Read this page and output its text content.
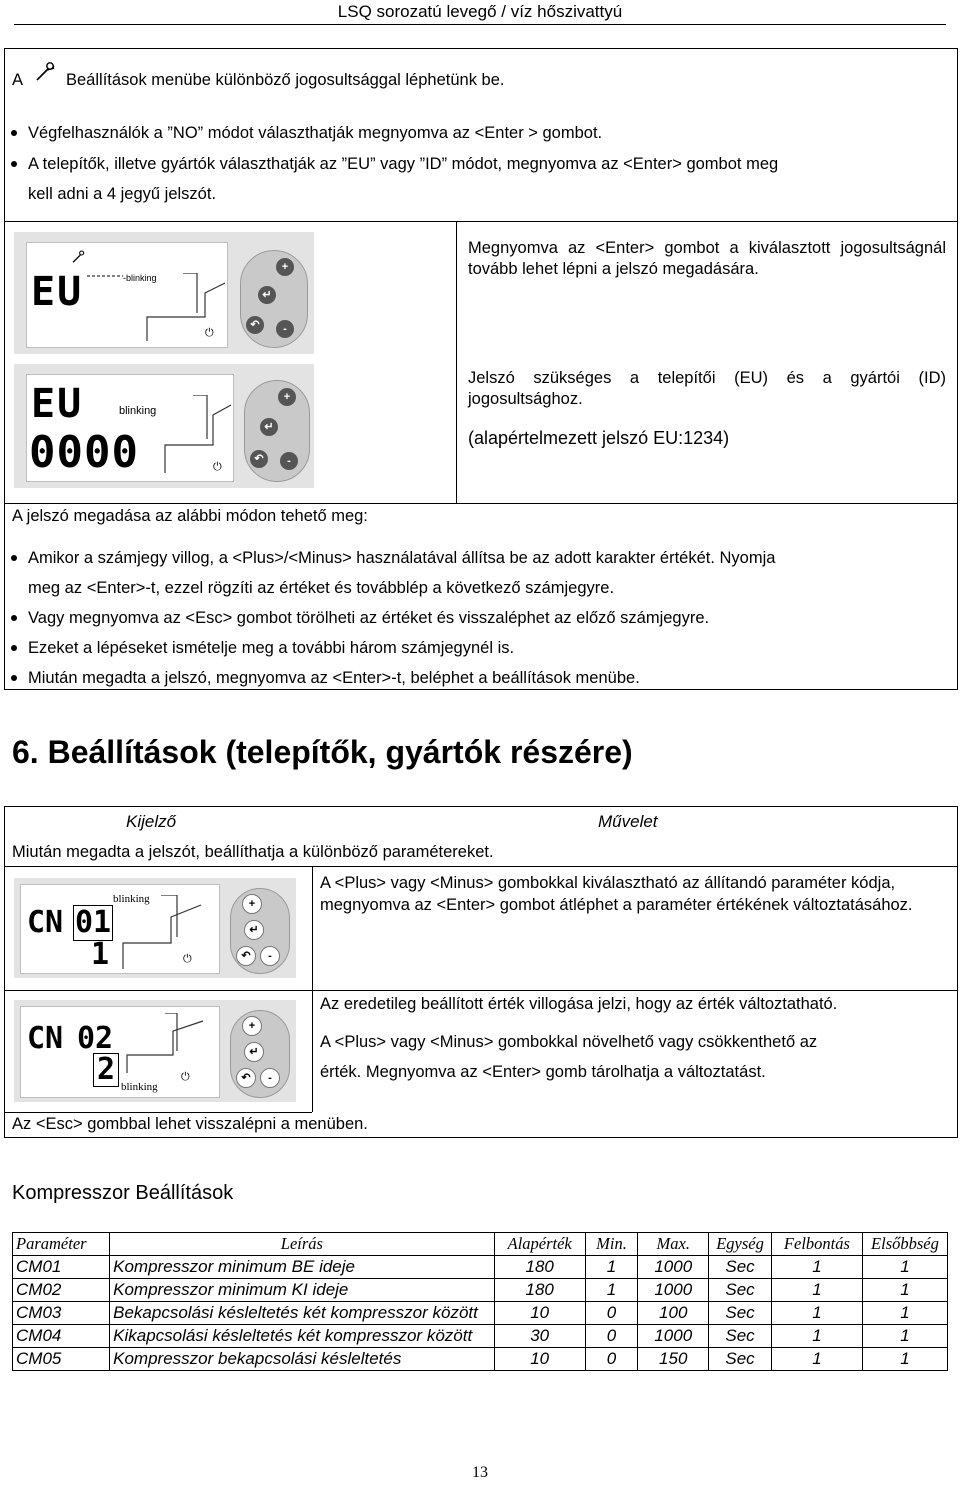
LSQ sorozatú levegő / víz hőszivattyú
A	Beállítások menübe különböző jogosultsággal léphetünk be.
Végfelhasználók a ”NO” módot választhatják megnyomva az <Enter > gombot.
A telepítők, illetve gyártók választhatják az ”EU” vagy ”ID” módot, megnyomva az <Enter> gombot meg
kell adni a 4 jegyű jelszót.
EU	-blinking
⏻
+
↵
↶	-
Megnyomva az <Enter> gombot a kiválasztott jogosultságnál tovább lehet lépni a jelszó megadására.
EU	blinking
0000	⏻
+
↵
↶	-
Jelszó szükséges a telepítői (EU) és a gyártói (ID) jogosultsághoz.
(alapértelmezett jelszó EU:1234)
A jelszó megadása az alábbi módon tehető meg:
Amikor a számjegy villog, a <Plus>/<Minus> használatával állítsa be az adott karakter értékét. Nyomja
meg az <Enter>-t, ezzel rögzíti az értéket és továbblép a következő számjegyre.
Vagy megnyomva az <Esc> gombot törölheti az értéket és visszaléphet az előző számjegyre.
Ezeket a lépéseket ismételje meg a további három számjegynél is.
Miután megadta a jelszó, megnyomva az <Enter>-t, beléphet a beállítások menübe.
6. Beállítások (telepítők, gyártók részére)
Kijelző	Művelet
Miután megadta a jelszót, beállíthatja a különböző paramétereket.
CN 01
1
blinking
⏻
+
↵
↶	-
A <Plus> vagy <Minus> gombokkal kiválasztható az állítandó paraméter kódja, megnyomva az <Enter> gombot átléphet a paraméter értékének változtatásához.
CN 02
2 blinking
⏻
+
↵
↶	-
Az eredetileg beállított érték villogása jelzi, hogy az érték változtatható.
A <Plus> vagy <Minus> gombokkal növelhető vagy csökkenthető az
érték. Megnyomva az <Enter> gomb tárolhatja a változtatást.
Az <Esc> gombbal lehet visszalépni a menüben.
Kompresszor Beállítások
Paraméter	Leírás	Alapérték	Min.	Max.	Egység	Felbontás	Elsőbbség
CM01	Kompresszor minimum BE ideje	180	1	1000	Sec	1	1
CM02	Kompresszor minimum KI ideje	180	1	1000	Sec	1	1
CM03	Bekapcsolási késleltetés két kompresszor között	10	0	100	Sec	1	1
CM04	Kikapcsolási késleltetés két kompresszor között	30	0	1000	Sec	1	1
CM05	Kompresszor bekapcsolási késleltetés	10	0	150	Sec	1	1
13
